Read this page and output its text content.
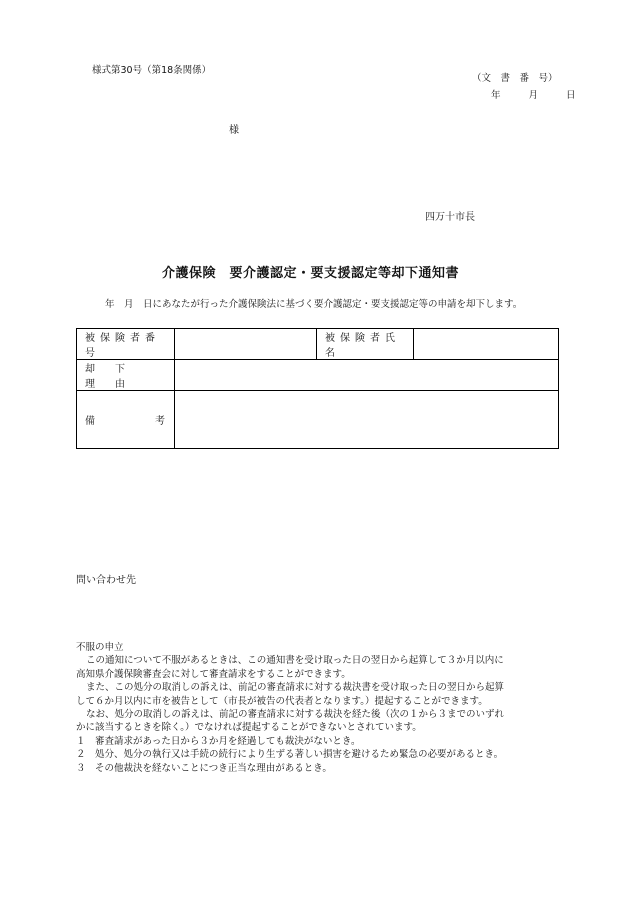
様式第30号（第18条関係）
（文　書　番　号）
年　　月　　日
様
四万十市長
介護保険　要介護認定・要支援認定等却下通知書
年　月　日にあなたが行った介護保険法に基づく要介護認定・要支援認定等の申請を却下します。
被保険者番号		被保険者氏名	
却下理由			

備考			

問い合わせ先

不服の申立

この通知について不服があるときは、この通知書を受け取った日の翌日から起算して３か月以内に

高知県介護保険審査会に対して審査請求をすることができます。

また、この処分の取消しの訴えは、前記の審査請求に対する裁決書を受け取った日の翌日から起算

して６か月以内に市を被告として（市長が被告の代表者となります。）提起することができます。

なお、処分の取消しの訴えは、前記の審査請求に対する裁決を経た後（次の１から３までのいずれ

かに該当するときを除く。）でなければ提起することができないとされています。

１　審査請求があった日から３か月を経過しても裁決がないとき。

２　処分、処分の執行又は手続の続行により生ずる著しい損害を避けるため緊急の必要があるとき。

３　その他裁決を経ないことにつき正当な理由があるとき。
